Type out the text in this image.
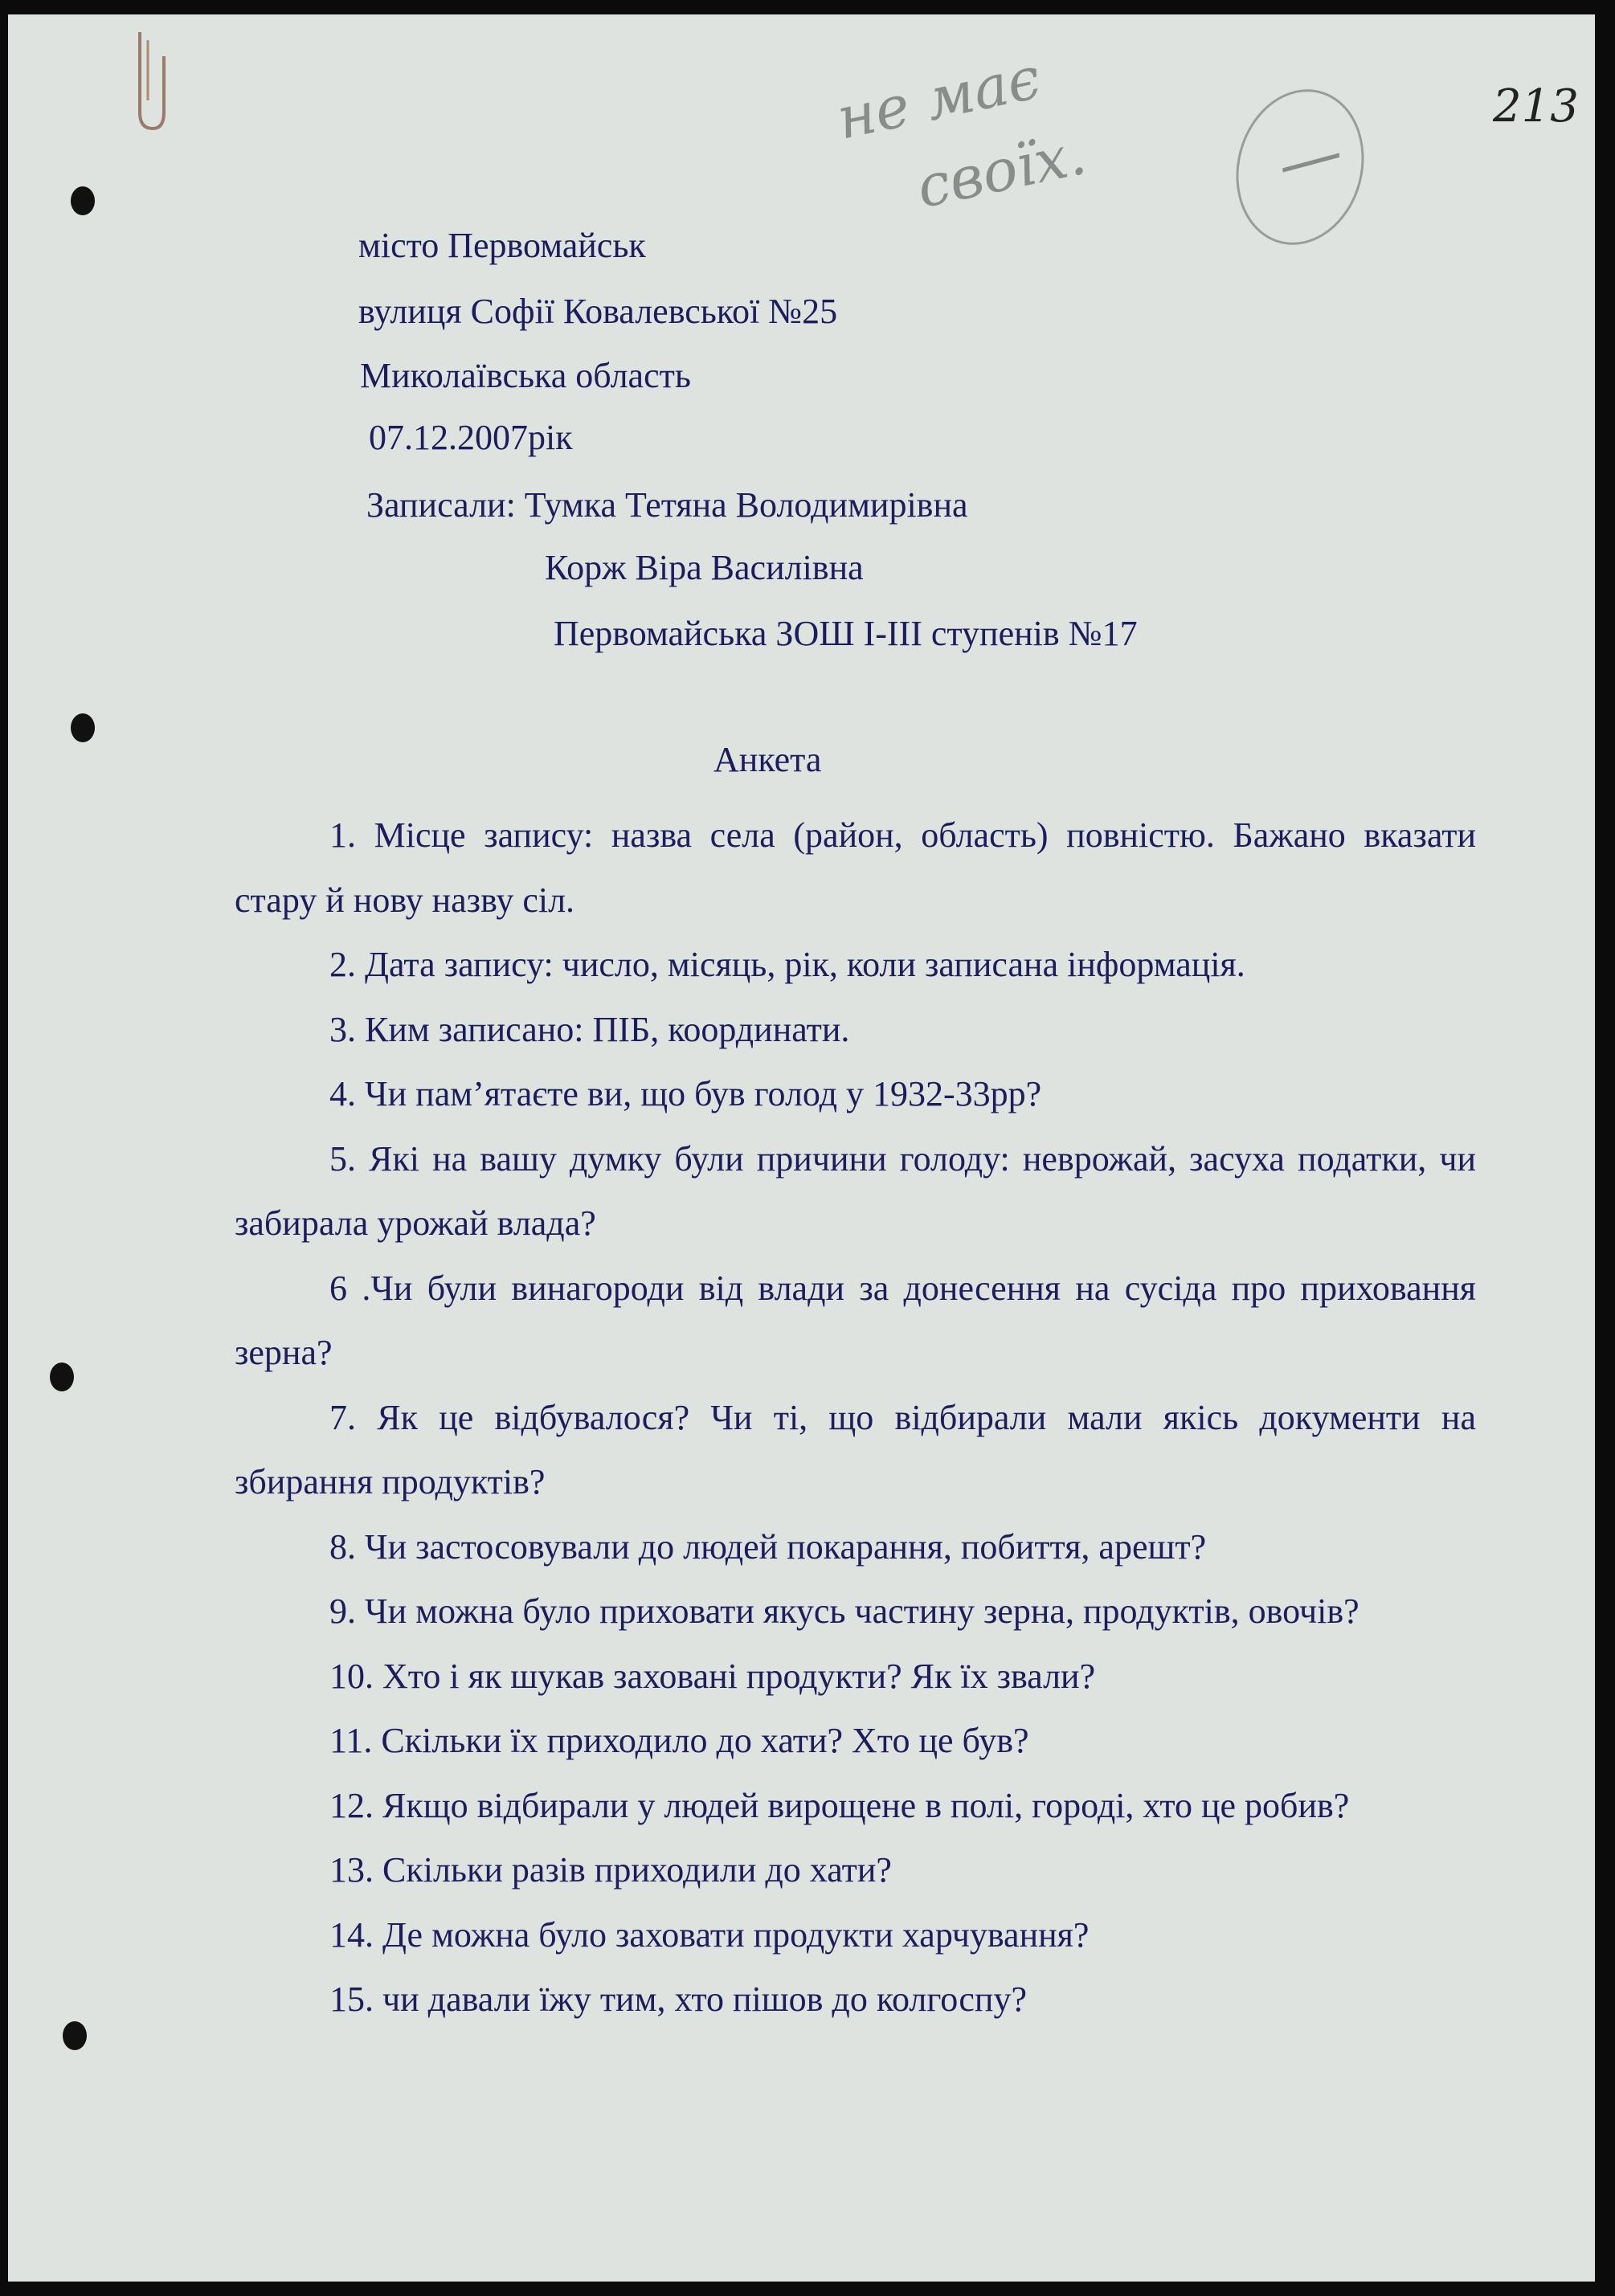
не має
своїх.	—
213
місто Первомайськ
вулиця Софії Ковалевської №25
Миколаївська область
07.12.2007рік
Записали: Тумка Тетяна Володимирівна
Корж Віра Василівна
Первомайська ЗОШ І-ІІІ ступенів №17
Анкета

1. Місце запису: назва села (район, область) повністю. Бажано вказати стару й нову назву сіл.

2. Дата запису: число, місяць, рік, коли записана інформація.

3. Ким записано: ПІБ, координати.

4. Чи пам’ятаєте ви, що був голод у 1932-33рр?

5. Які на вашу думку були причини голоду: неврожай, засуха податки, чи забирала урожай влада?

6 .Чи були винагороди від влади за донесення на сусіда про приховання зерна?

7. Як це відбувалося? Чи ті, що відбирали мали якісь документи на збирання продуктів?

8. Чи застосовували до людей покарання, побиття, арешт?

9. Чи можна було приховати якусь частину зерна, продуктів, овочів?

10. Хто і як шукав заховані продукти? Як їх звали?

11. Скільки їх приходило до хати? Хто це був?

12. Якщо відбирали у людей вирощене в полі, городі, хто це робив?

13. Скільки разів приходили до хати?

14. Де можна було заховати продукти харчування?

15. чи давали їжу тим, хто пішов до колгоспу?
